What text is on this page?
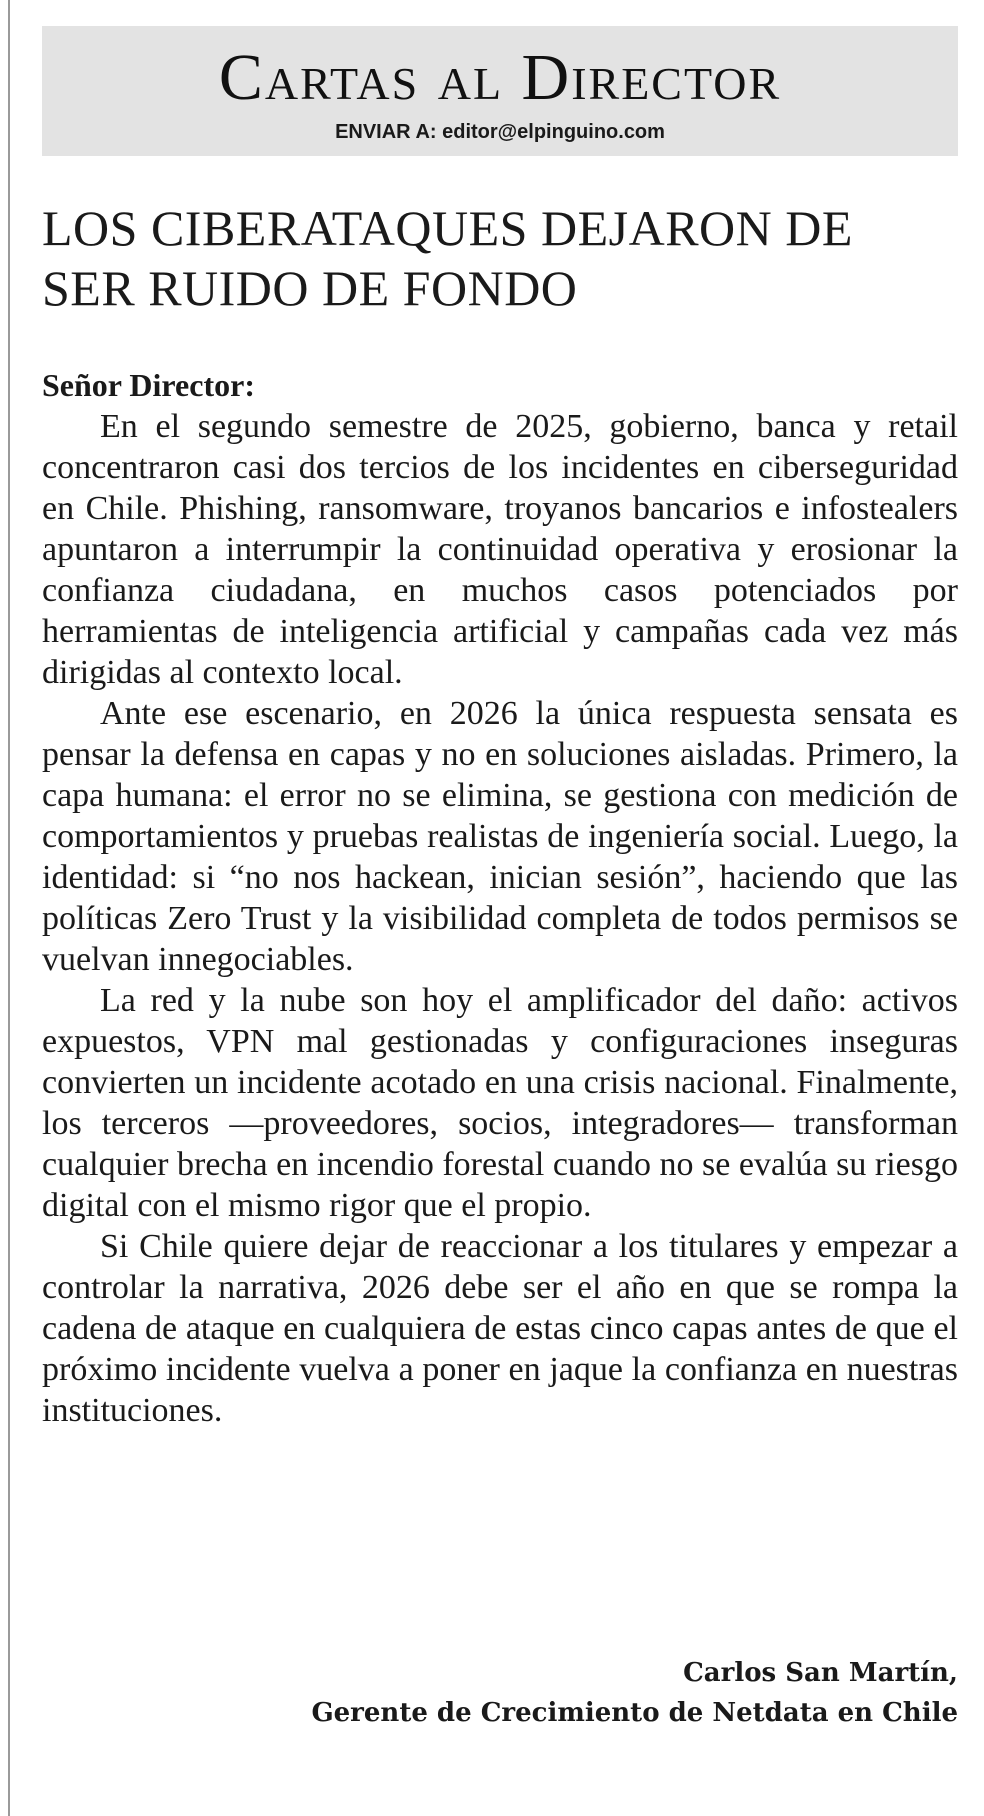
Cartas al Director
ENVIAR A: editor@elpinguino.com
LOS CIBERATAQUES DEJARON DE SER RUIDO DE FONDO

Señor Director:

En el segundo semestre de 2025, gobierno, banca y retail concentraron casi dos tercios de los incidentes en ciberseguridad en Chile. Phishing, ransomware, troyanos bancarios e infostealers apuntaron a interrumpir la continuidad operativa y erosionar la confianza ciudadana, en muchos casos potenciados por herramientas de inteligencia artificial y campañas cada vez más dirigidas al contexto local.

Ante ese escenario, en 2026 la única respuesta sensata es pensar la defensa en capas y no en soluciones aisladas. Primero, la capa humana: el error no se elimina, se gestiona con medición de comportamientos y pruebas realistas de ingeniería social. Luego, la identidad: si “no nos hackean, inician sesión”, haciendo que las políticas Zero Trust y la visibilidad completa de todos permisos se vuelvan innegociables.

La red y la nube son hoy el amplificador del daño: activos expuestos, VPN mal gestionadas y configuraciones inseguras convierten un incidente acotado en una crisis nacional. Finalmente, los terceros —proveedores, socios, integradores— transforman cualquier brecha en incendio forestal cuando no se evalúa su riesgo digital con el mismo rigor que el propio.

Si Chile quiere dejar de reaccionar a los titulares y empezar a controlar la narrativa, 2026 debe ser el año en que se rompa la cadena de ataque en cualquiera de estas cinco capas antes de que el próximo incidente vuelva a poner en jaque la confianza en nuestras instituciones.

Carlos San Martín,
Gerente de Crecimiento de Netdata en Chile
